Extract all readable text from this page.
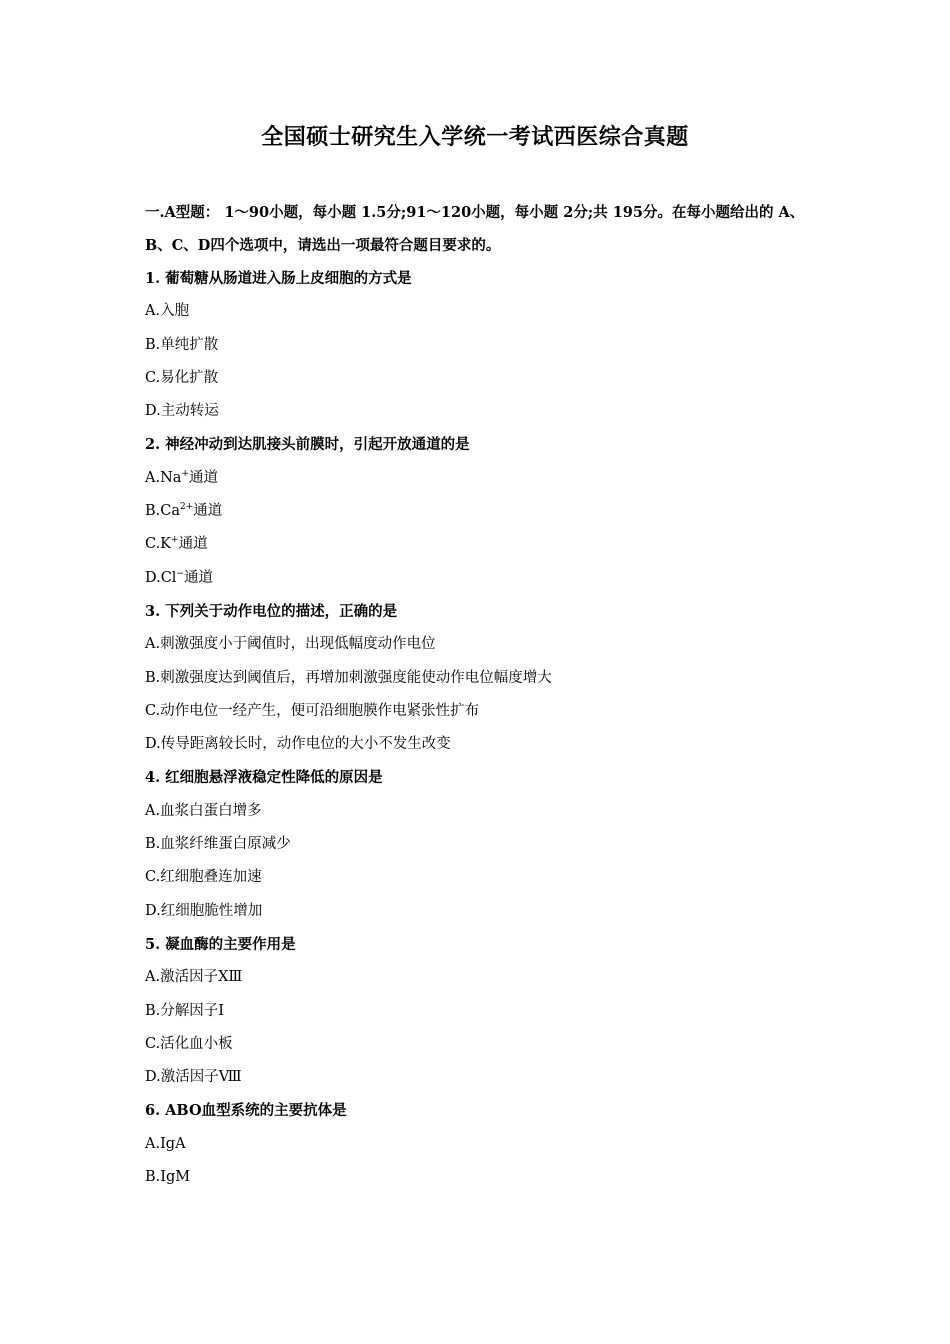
全国硕士研究生入学统一考试西医综合真题
一.A型题： 1～90小题，每小题 1.5分;91～120小题，每小题 2分;共 195分。在每小题给出的 A、B、C、D四个选项中，请选出一项最符合题目要求的。
1. 葡萄糖从肠道进入肠上皮细胞的方式是
A.入胞
B.单纯扩散
C.易化扩散
D.主动转运
2. 神经冲动到达肌接头前膜时，引起开放通道的是
A.Na+通道
$B.Ca^{2+}$通道
C.K+通道
D.Cl−通道
3. 下列关于动作电位的描述，正确的是
A.刺激强度小于阈值时，出现低幅度动作电位
B.刺激强度达到阈值后，再增加刺激强度能使动作电位幅度增大
C.动作电位一经产生，便可沿细胞膜作电紧张性扩布
D.传导距离较长时，动作电位的大小不发生改变
4. 红细胞悬浮液稳定性降低的原因是
A.血浆白蛋白增多
B.血浆纤维蛋白原减少
C.红细胞叠连加速
D.红细胞脆性增加
5. 凝血酶的主要作用是
A.激活因子ⅩⅢ
B.分解因子Ⅰ
C.活化血小板
D.激活因子Ⅷ
6. ABO血型系统的主要抗体是
A.IgA
B.IgM
